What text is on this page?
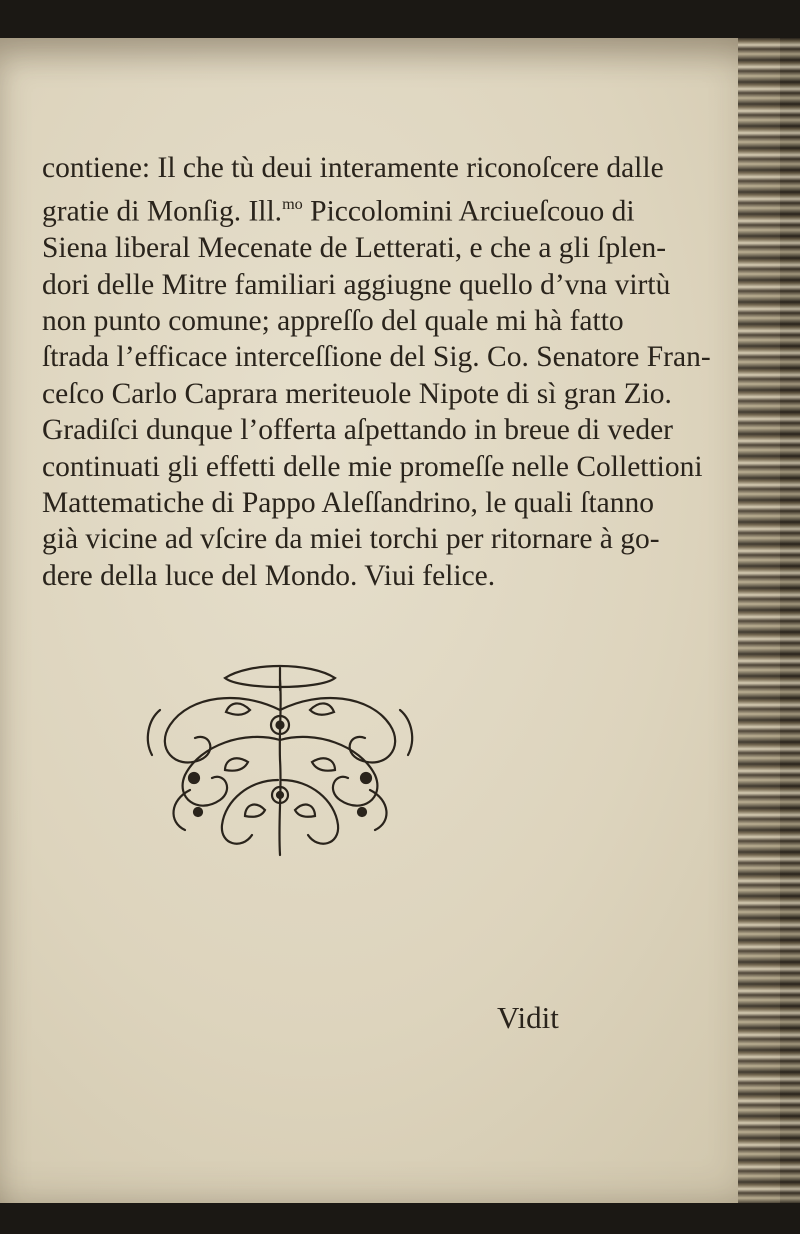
contiene: Il che tù deui interamente riconoſcere dalle
gratie di Monſig. Ill.$^{mo}$ Piccolomini Arciueſcouo di
Siena liberal Mecenate de Letterati, e che a gli ſplen-
dori delle Mitre familiari aggiugne quello d’vna virtù
non punto comune; appreſſo del quale mi hà fatto
ſtrada l’efficace interceſſione del Sig. Co. Senatore Fran-
ceſco Carlo Caprara meriteuole Nipote di sì gran Zio.
Gradiſci dunque l’offerta aſpettando in breue di veder
continuati gli effetti delle mie promeſſe nelle Collettioni
Mattematiche di Pappo Aleſſandrino, le quali ſtanno
già vicine ad vſcire da miei torchi per ritornare à go-
dere della luce del Mondo. Viui felice.
Vidit
